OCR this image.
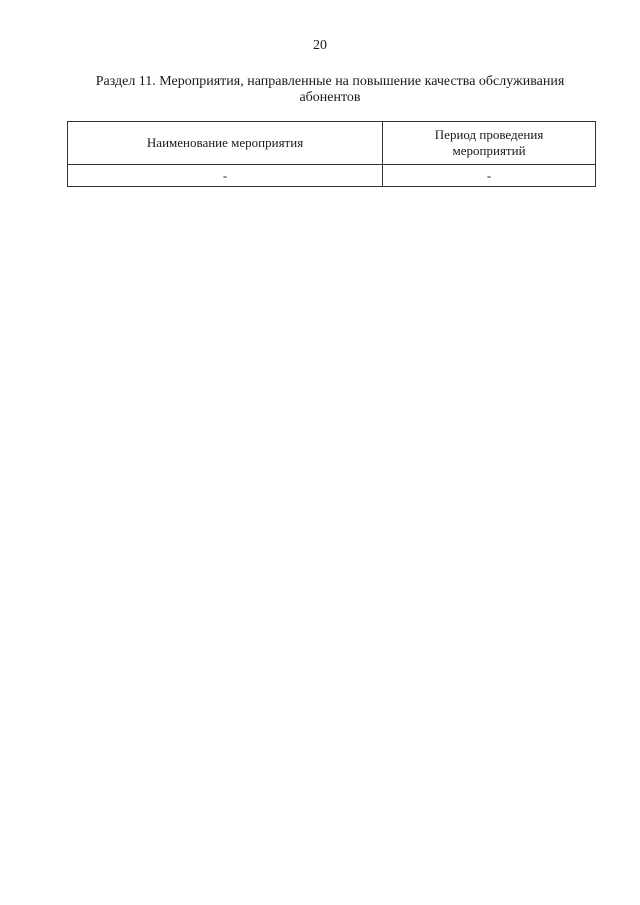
20
Раздел 11. Мероприятия, направленные на повышение качества обслуживания
абонентов
Наименование мероприятия	Период проведения
мероприятий

-	-
